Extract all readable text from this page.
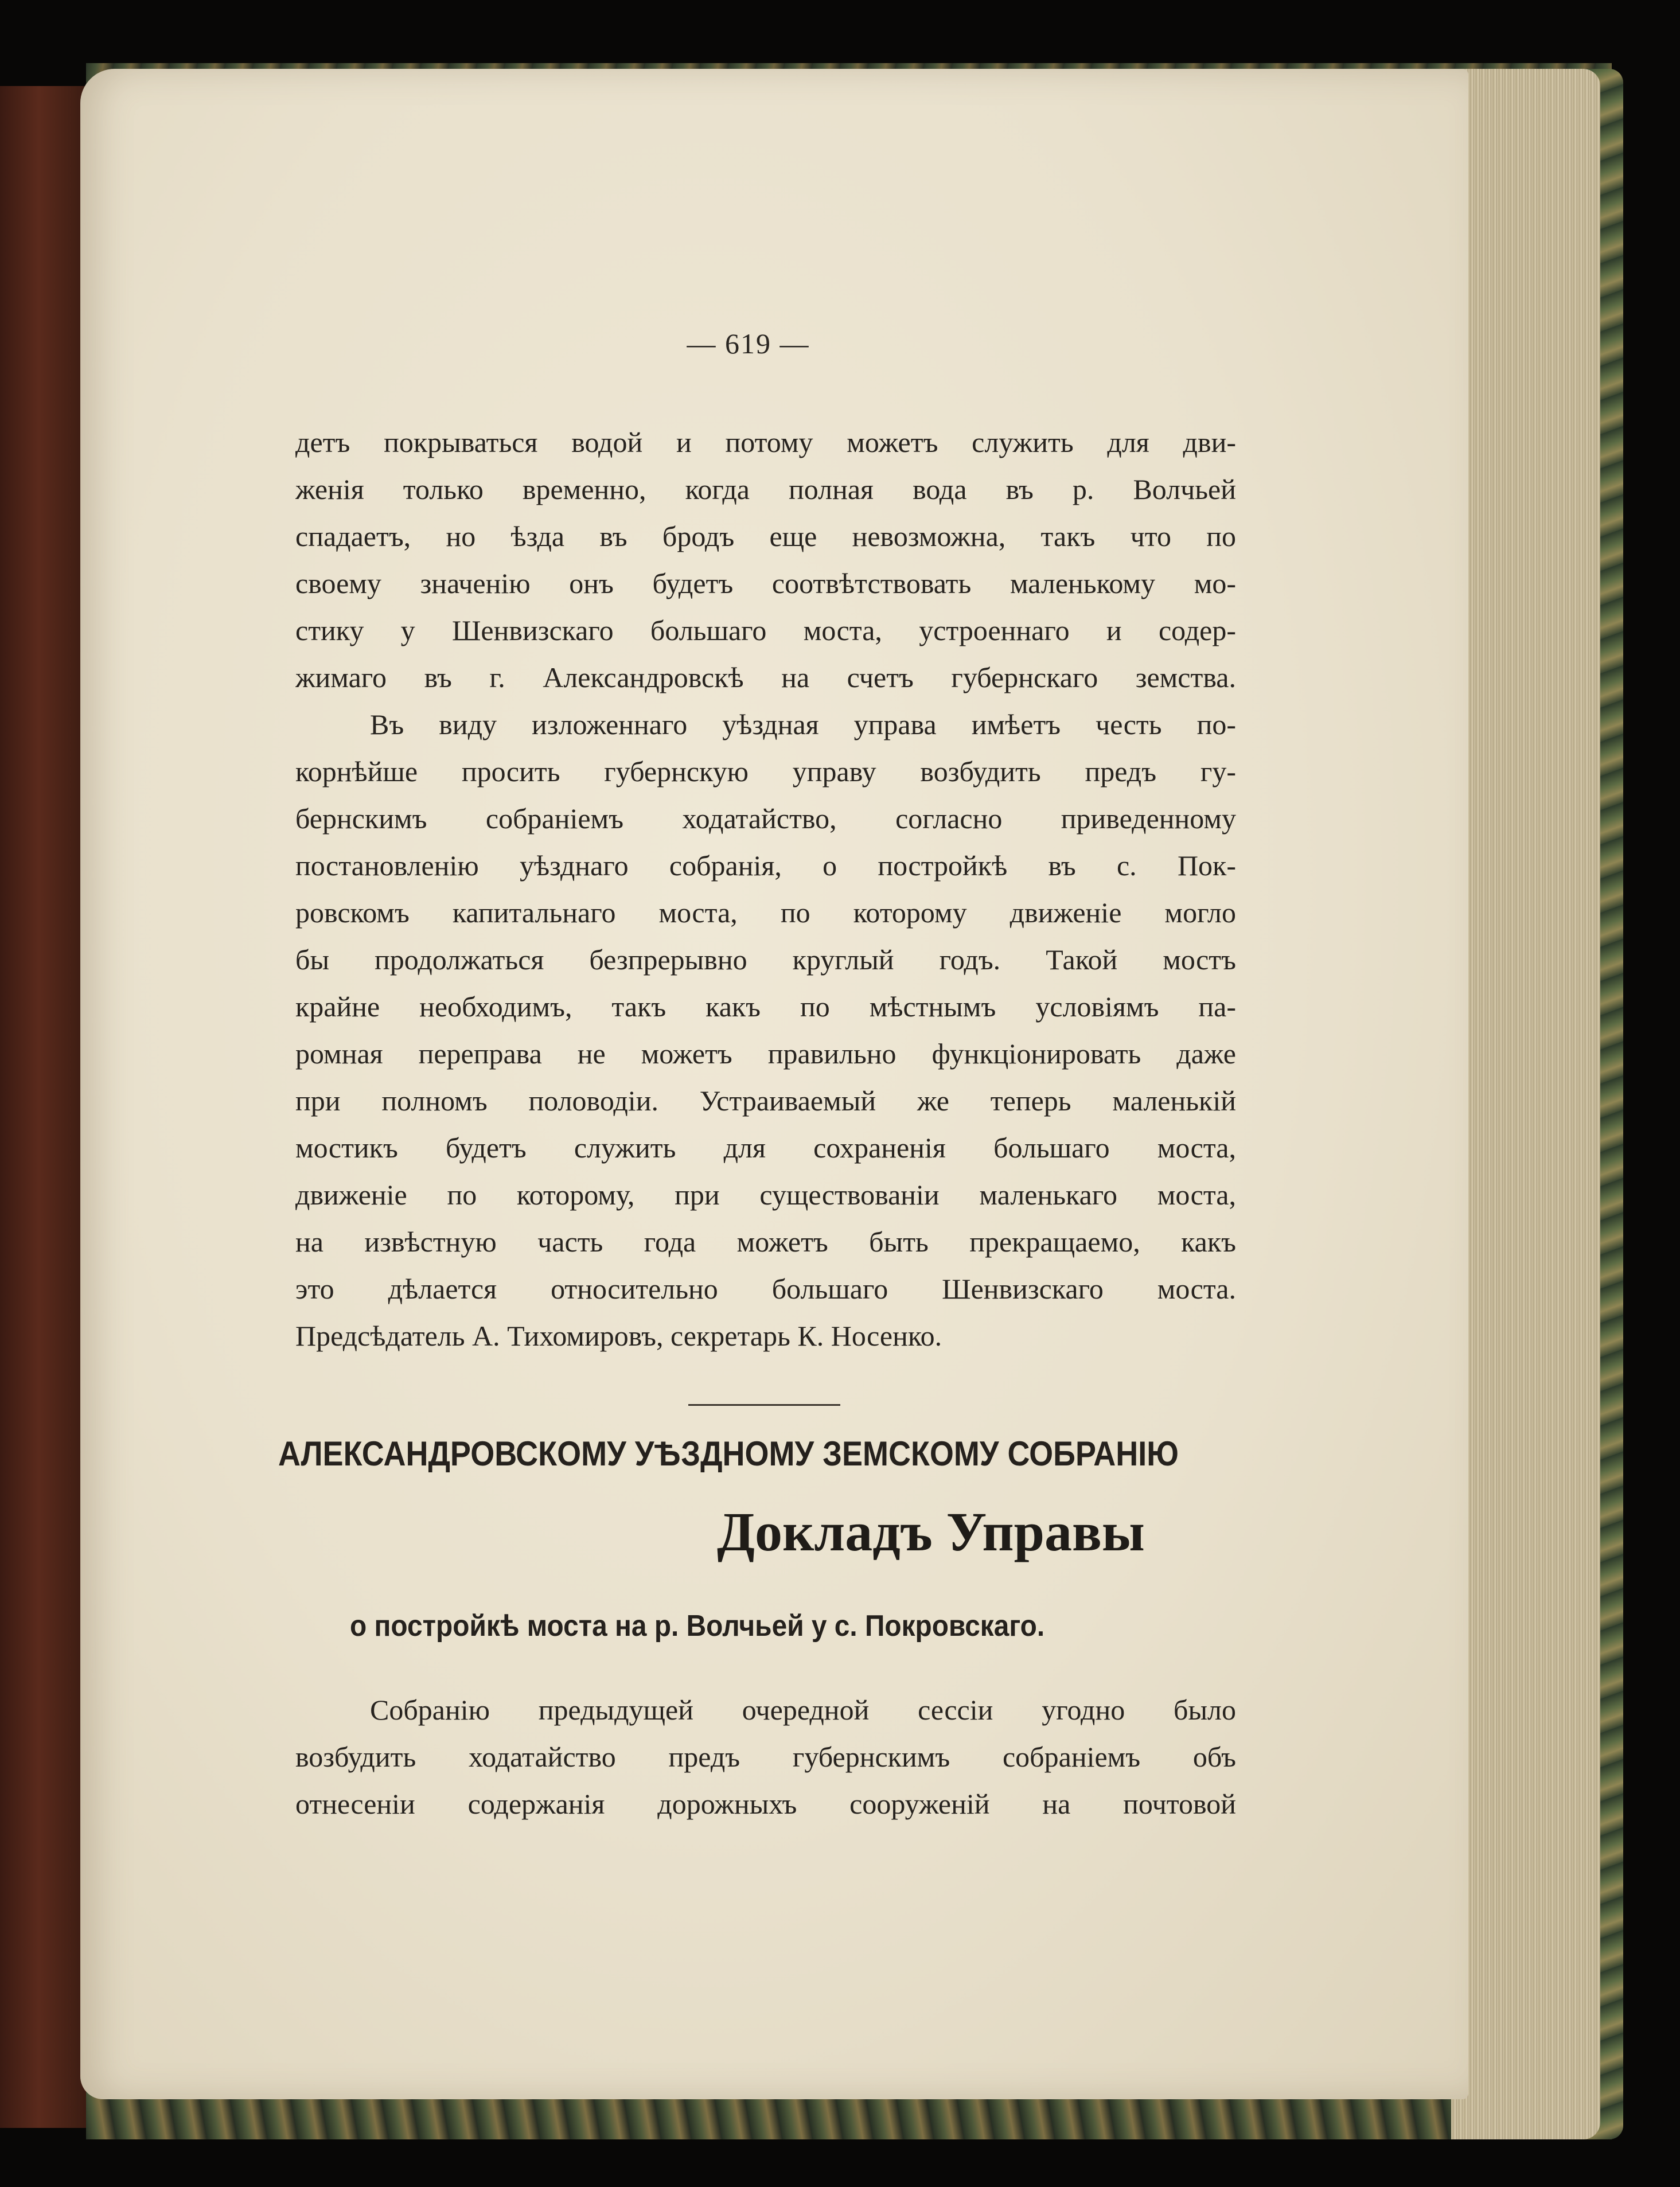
— 619 —
детъ покрываться водой и потому можетъ служить для дви-
женія только временно, когда полная вода въ р. Волчьей
спадаетъ, но ѣзда въ бродъ еще невозможна, такъ что по
своему значенію онъ будетъ соотвѣтствовать маленькому мо-
стику у Шенвизскаго большаго моста, устроеннаго и содер-
жимаго въ г. Александровскѣ на счетъ губернскаго земства.
Въ виду изложеннаго уѣздная управа имѣетъ честь по-
корнѣйше просить губернскую управу возбудить предъ гу-
бернскимъ собраніемъ ходатайство, согласно приведенному
постановленію уѣзднаго собранія, о постройкѣ въ с. Пок-
ровскомъ капитальнаго моста, по которому движеніе могло
бы продолжаться безпрерывно круглый годъ. Такой мостъ
крайне необходимъ, такъ какъ по мѣстнымъ условіямъ па-
ромная переправа не можетъ правильно функціонировать даже
при полномъ половодіи. Устраиваемый же теперь маленькій
мостикъ будетъ служить для сохраненія большаго моста,
движеніе по которому, при существованіи маленькаго моста,
на извѣстную часть года можетъ быть прекращаемо, какъ
это дѣлается относительно большаго Шенвизскаго моста.
Предсѣдатель А. Тихомировъ, секретарь К. Носенко.
АЛЕКСАНДРОВСКОМУ УѢЗДНОМУ ЗЕМСКОМУ СОБРАНІЮ
Докладъ Управы
о постройкѣ моста на р. Волчьей у с. Покровскаго.
Собранію предыдущей очередной сессіи угодно было
возбудить ходатайство предъ губернскимъ собраніемъ объ
отнесеніи содержанія дорожныхъ сооруженій на почтовой
